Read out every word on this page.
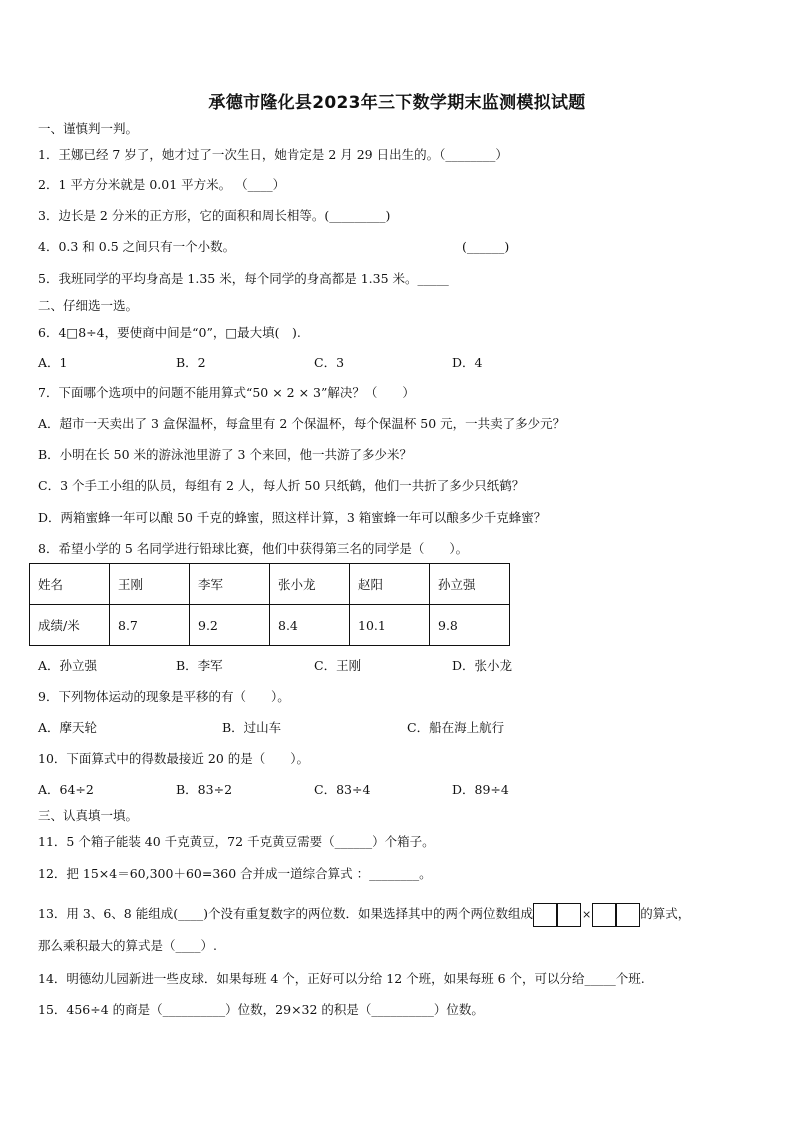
承德市隆化县2023年三下数学期末监测模拟试题
一、谨慎判一判。
1．王娜已经 7 岁了，她才过了一次生日，她肯定是 2 月 29 日出生的。（________）
2．1 平方分米就是 0.01 平方米。 （____）
3．边长是 2 分米的正方形，它的面积和周长相等。(_________)
4．0.3 和 0.5 之间只有一个小数。	(______)
5．我班同学的平均身高是 1.35 米，每个同学的身高都是 1.35 米。_____
二、仔细选一选。
6．4□8÷4，要使商中间是“0”，□最大填(　).
A．1	B．2	C．3	D．4
7．下面哪个选项中的问题不能用算式“50 × 2 × 3”解决？（　　）
A．超市一天卖出了 3 盒保温杯，每盒里有 2 个保温杯，每个保温杯 50 元，一共卖了多少元？
B．小明在长 50 米的游泳池里游了 3 个来回，他一共游了多少米？
C．3 个手工小组的队员，每组有 2 人，每人折 50 只纸鹤，他们一共折了多少只纸鹤？
D．两箱蜜蜂一年可以酿 50 千克的蜂蜜，照这样计算，3 箱蜜蜂一年可以酿多少千克蜂蜜？
8．希望小学的 5 名同学进行铅球比赛，他们中获得第三名的同学是（　　）。
姓名	王刚	李军	张小龙	赵阳	孙立强
成绩/米	8.7	9.2	8.4	10.1	9.8
A．孙立强	B．李军	C．王刚	D．张小龙
9．下列物体运动的现象是平移的有（　　）。
A．摩天轮	B．过山车	C．船在海上航行
10．下面算式中的得数最接近 20 的是（　　）。
A．64÷2	B．83÷2	C．83÷4	D．89÷4
三、认真填一填。
11．5 个箱子能装 40 千克黄豆，72 千克黄豆需要（______）个箱子。
12．把 15×4＝60,300＋60=360 合并成一道综合算式 ：________。
13．用 3、6、8 能组成(____)个没有重复数字的两位数．如果选择其中的两个两位数组成	×	的算式，
那么乘积最大的算式是（____）.
14．明德幼儿园新进一些皮球．如果每班 4 个，正好可以分给 12 个班，如果每班 6 个，可以分给_____个班.
15．456÷4 的商是（__________）位数，29×32 的积是（__________）位数。
